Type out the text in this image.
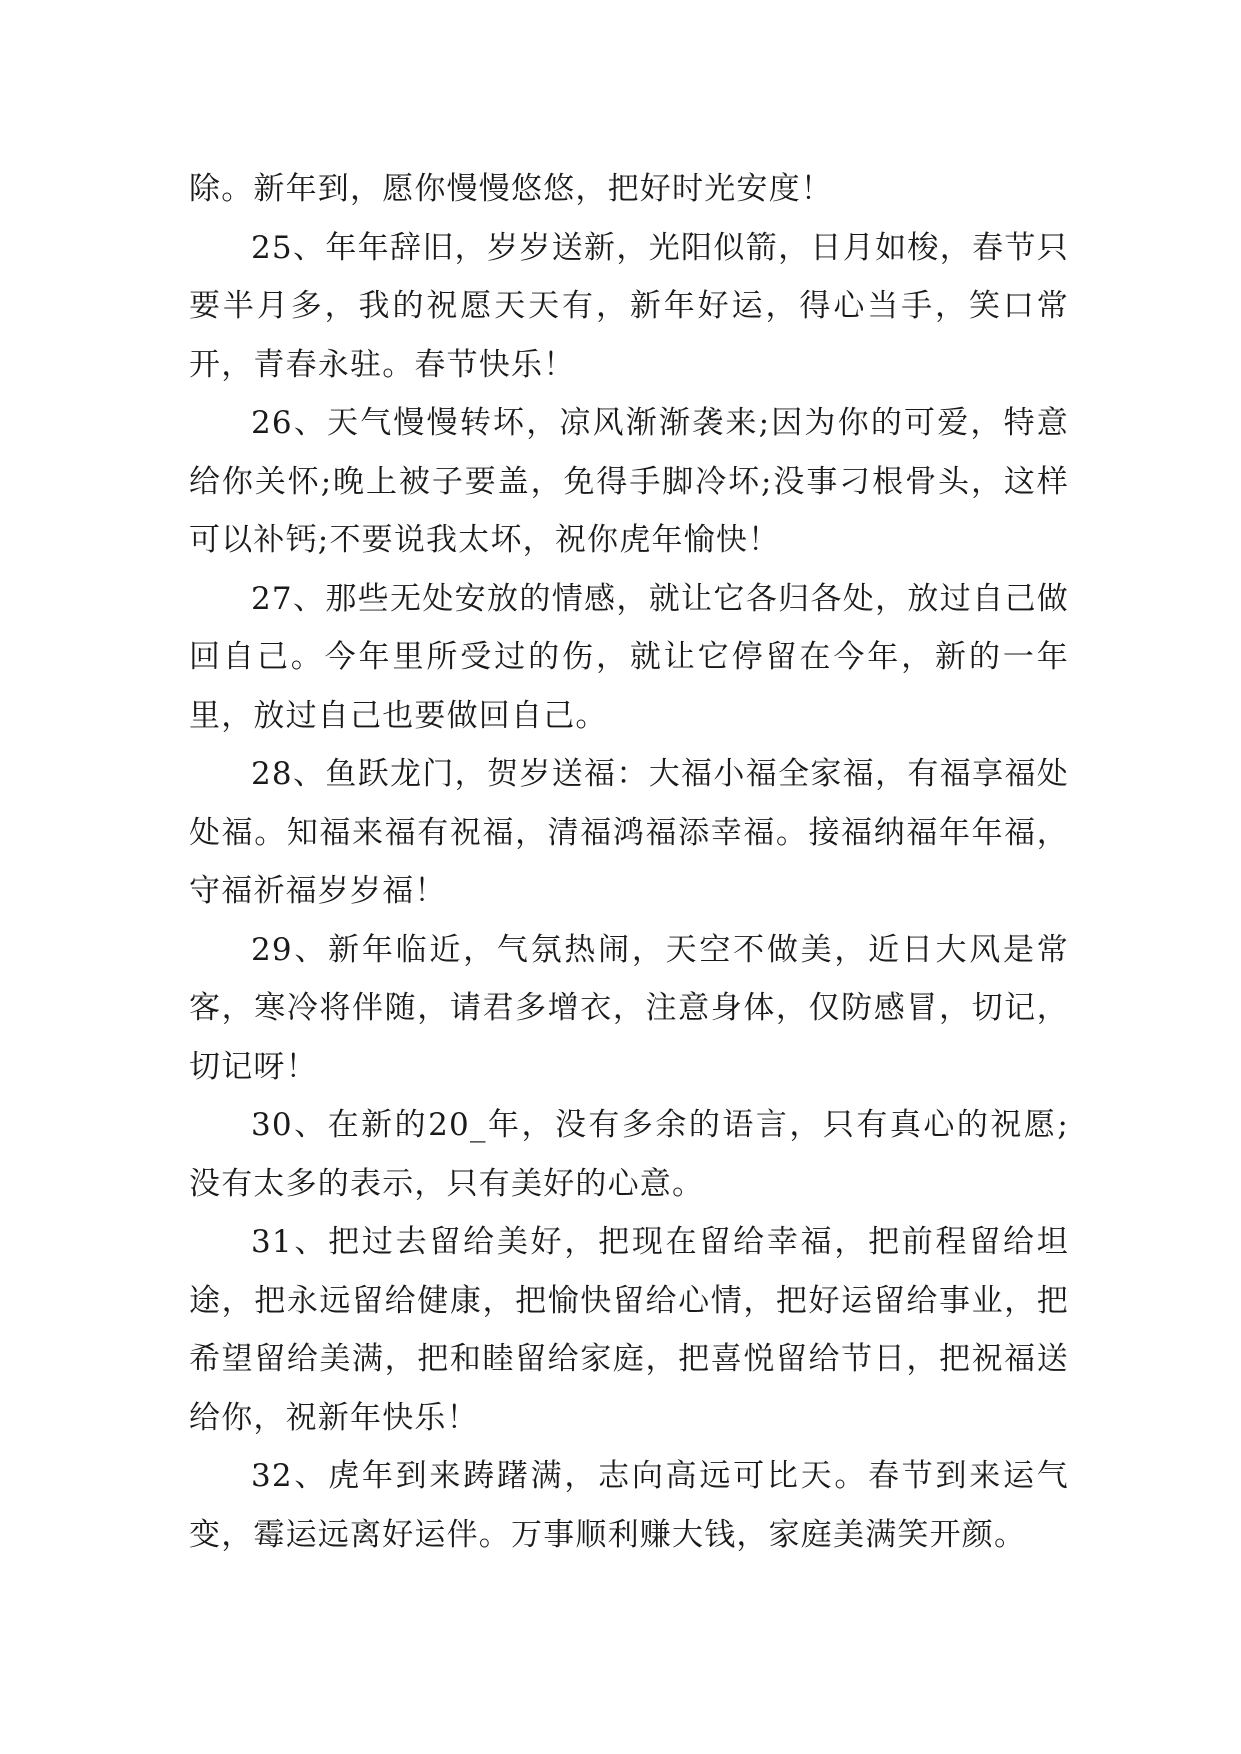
除。新年到，愿你慢慢悠悠，把好时光安度！

25、年年辞旧，岁岁送新，光阳似箭，日月如梭，春节只要半月多，我的祝愿天天有，新年好运，得心当手，笑口常开，青春永驻。春节快乐！

26、天气慢慢转坏，凉风渐渐袭来;因为你的可爱，特意给你关怀;晚上被子要盖，免得手脚冷坏;没事刁根骨头，这样可以补钙;不要说我太坏，祝你虎年愉快！

27、那些无处安放的情感，就让它各归各处，放过自己做回自己。今年里所受过的伤，就让它停留在今年，新的一年里，放过自己也要做回自己。

28、鱼跃龙门，贺岁送福：大福小福全家福，有福享福处处福。知福来福有祝福，清福鸿福添幸福。接福纳福年年福，守福祈福岁岁福！

29、新年临近，气氛热闹，天空不做美，近日大风是常客，寒冷将伴随，请君多增衣，注意身体，仅防感冒，切记，切记呀！

30、在新的20_年，没有多余的语言，只有真心的祝愿;没有太多的表示，只有美好的心意。

31、把过去留给美好，把现在留给幸福，把前程留给坦途，把永远留给健康，把愉快留给心情，把好运留给事业，把希望留给美满，把和睦留给家庭，把喜悦留给节日，把祝福送给你，祝新年快乐！

32、虎年到来踌躇满，志向高远可比天。春节到来运气变，霉运远离好运伴。万事顺利赚大钱，家庭美满笑开颜。
